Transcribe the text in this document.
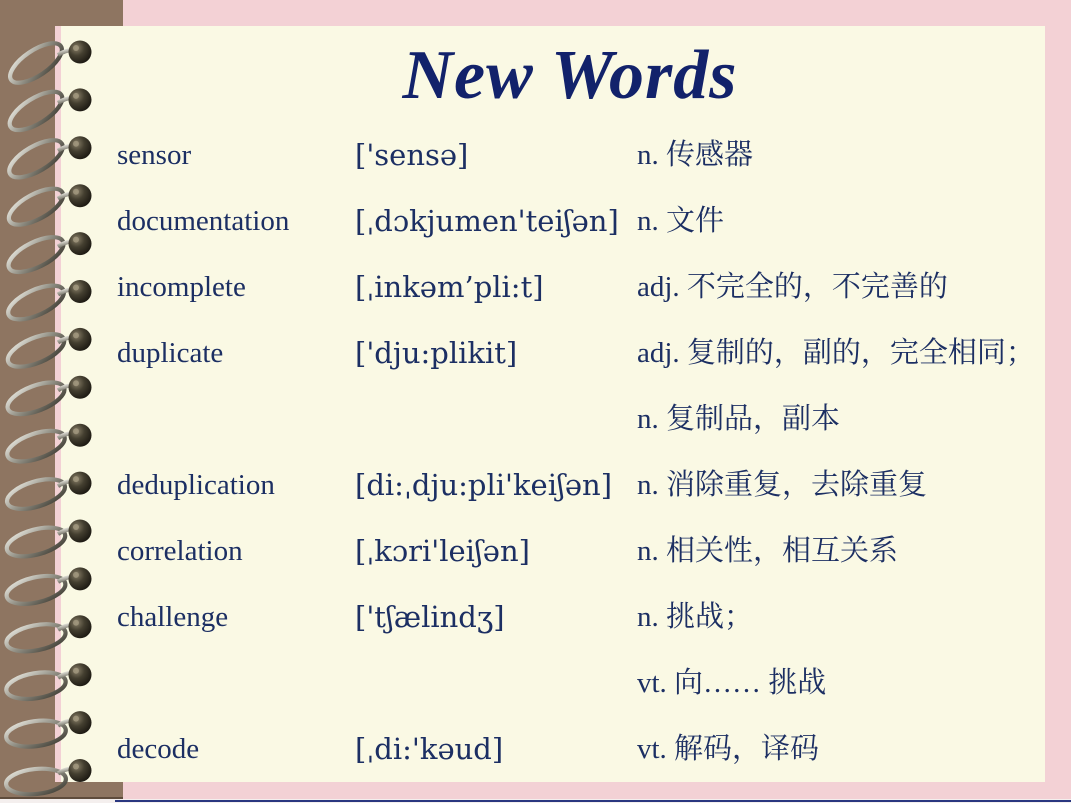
New Words
sensor	['sensə]	n. 传感器
documentation [ˌdɔkjumen'teiʃən] n. 文件
incomplete	[ˌinkəm’pli:t]	adj. 不完全的，不完善的
duplicate	['dju:plikit]	adj. 复制的，副的，完全相同；
n. 复制品，副本
deduplication	[di:ˌdju:pli'keiʃən] n. 消除重复，去除重复
correlation	[ˌkɔri'leiʃən]	n. 相关性，相互关系
challenge	['tʃælindʒ]	n. 挑战；
vt. 向…… 挑战
decode	[ˌdi:'kəud]	vt. 解码，译码
